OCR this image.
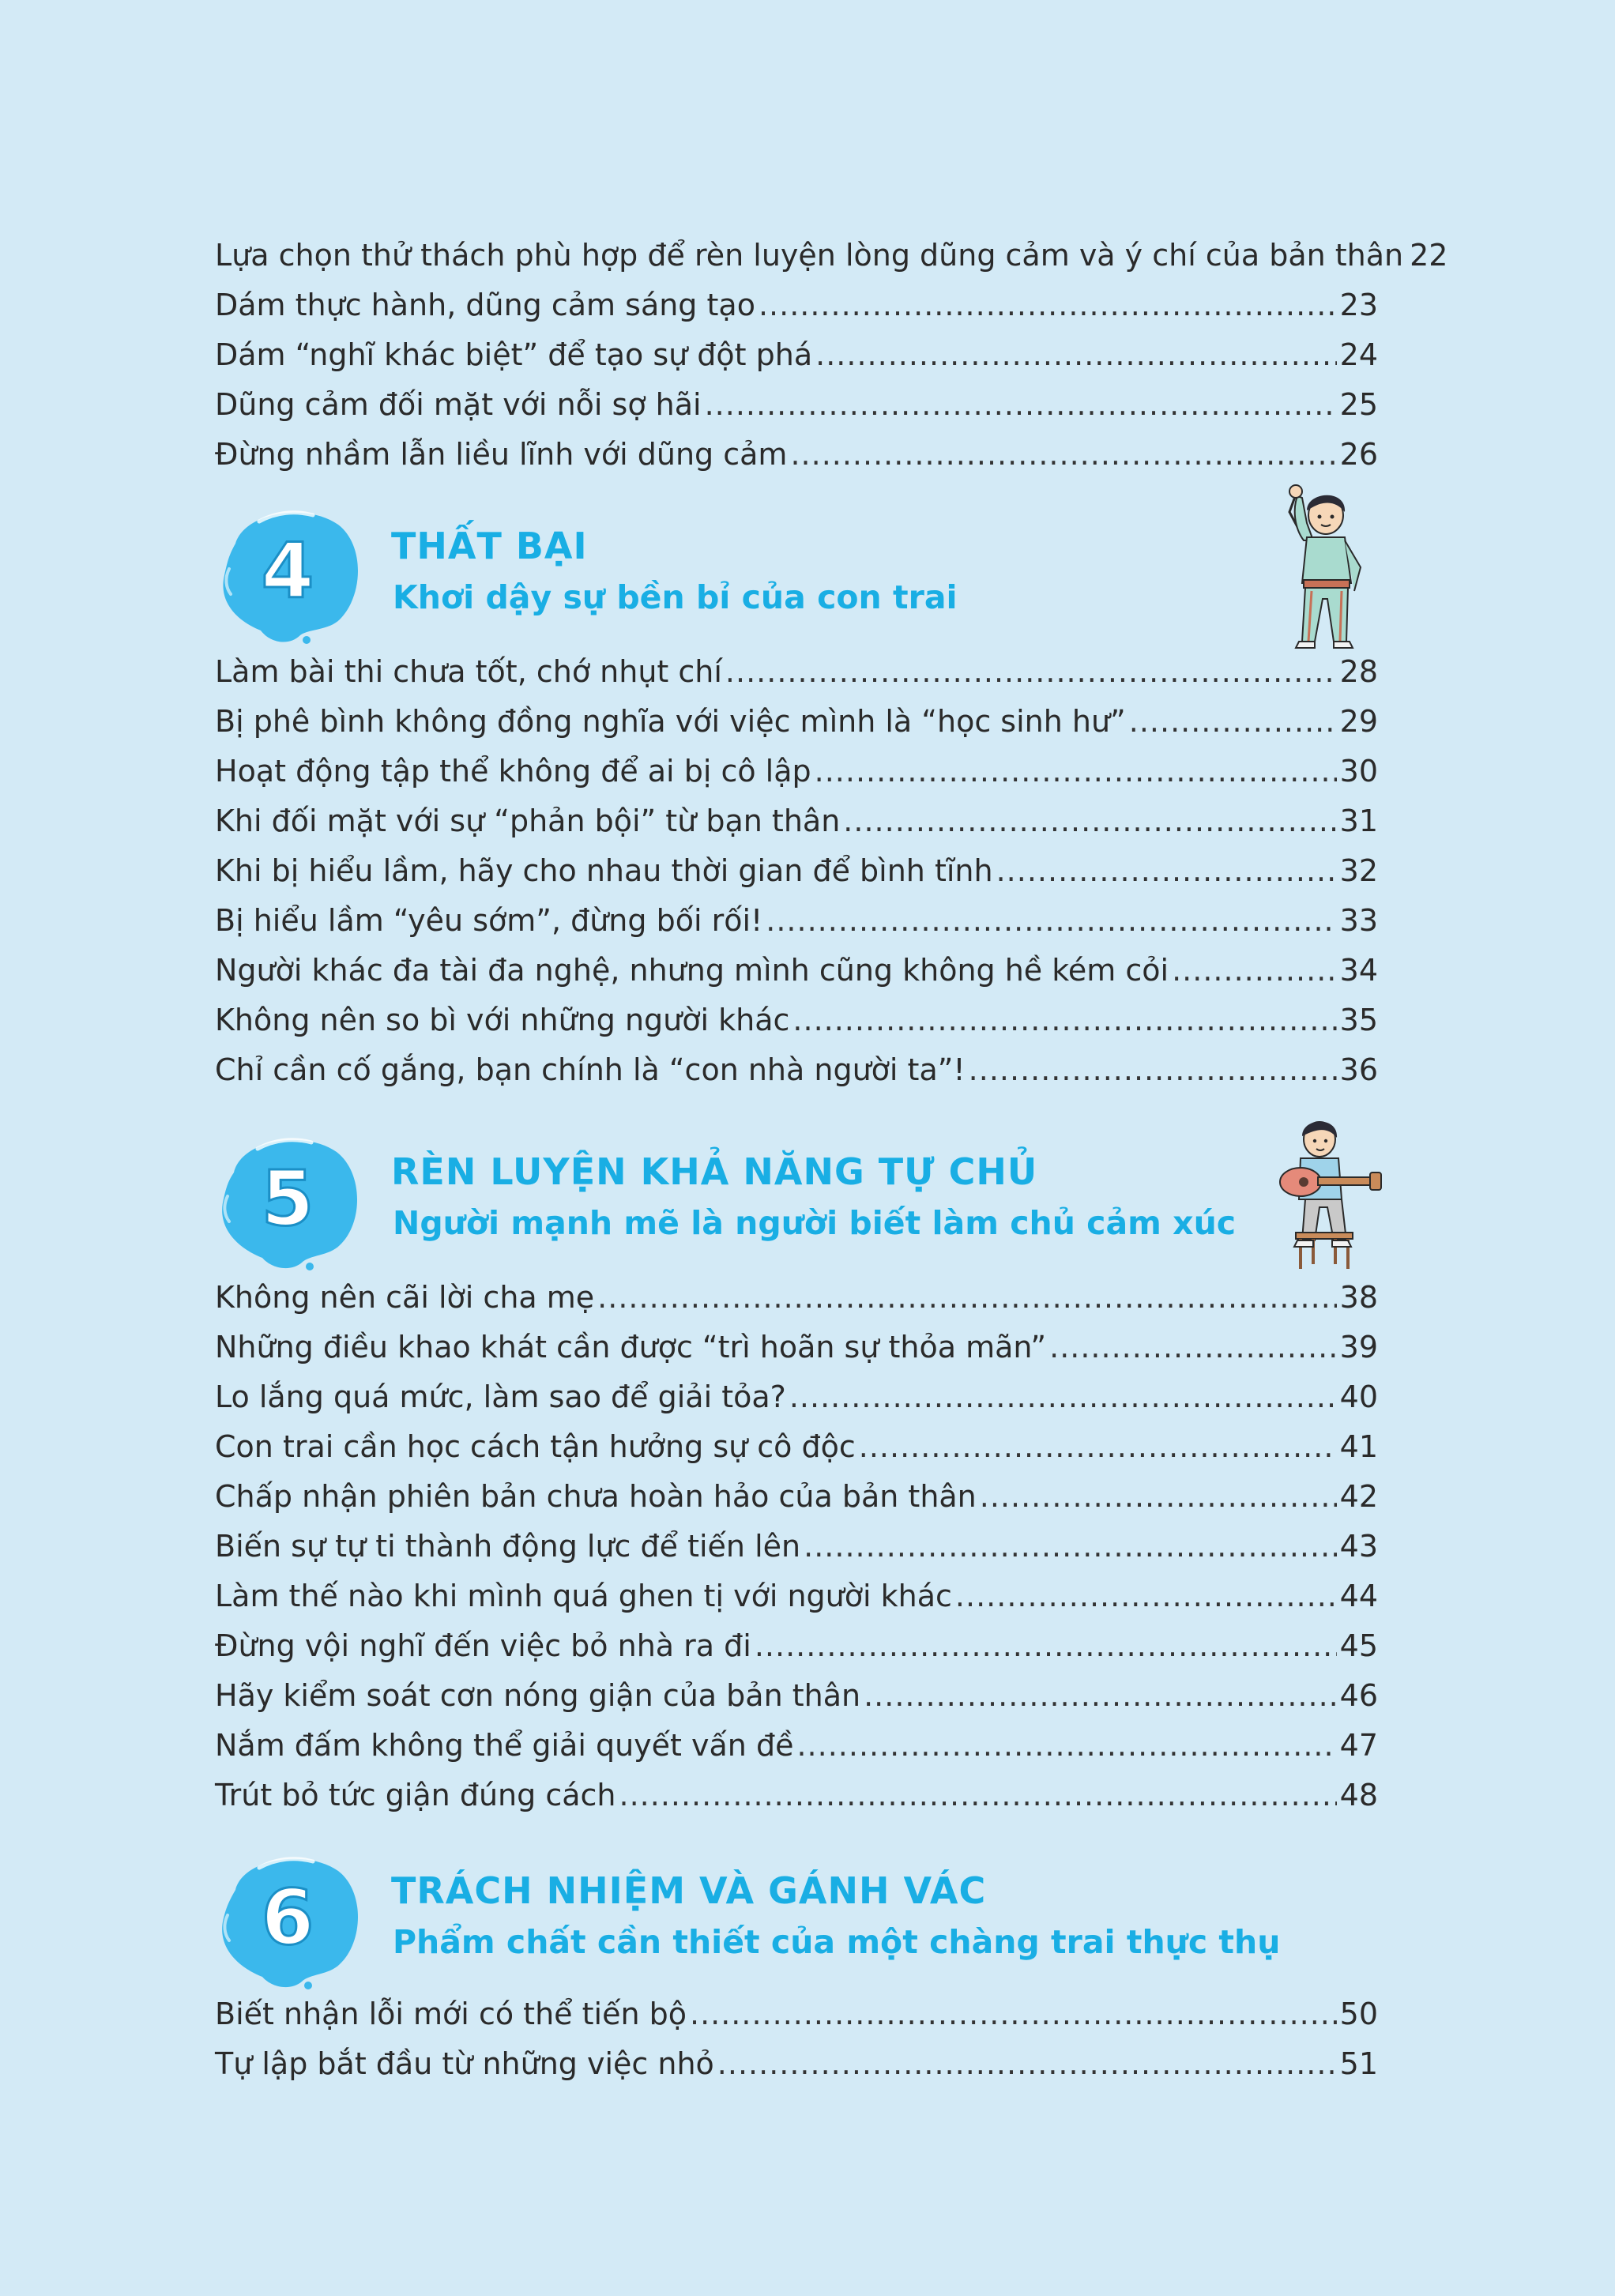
Lựa chọn thử thách phù hợp để rèn luyện lòng dũng cảm và ý chí của bản thân 22
Dám thực hành, dũng cảm sáng tạo .....	23
Dám “nghĩ khác biệt” để tạo sự đột phá .....	24
Dũng cảm đối mặt với nỗi sợ hãi .....	25
Đừng nhầm lẫn liều lĩnh với dũng cảm .....	26
4 THẤT BẠI
Khơi dậy sự bền bỉ của con trai
Làm bài thi chưa tốt, chớ nhụt chí .....	28
Bị phê bình không đồng nghĩa với việc mình là “học sinh hư” .....	29
Hoạt động tập thể không để ai bị cô lập .....	30
Khi đối mặt với sự “phản bội” từ bạn thân .....	31
Khi bị hiểu lầm, hãy cho nhau thời gian để bình tĩnh .....	32
Bị hiểu lầm “yêu sớm”, đừng bối rối! .....	33
Người khác đa tài đa nghệ, nhưng mình cũng không hề kém cỏi .....	34
Không nên so bì với những người khác .....	35
Chỉ cần cố gắng, bạn chính là “con nhà người ta”! .....	36
5 RÈN LUYỆN KHẢ NĂNG TỰ CHỦ
Người mạnh mẽ là người biết làm chủ cảm xúc
Không nên cãi lời cha mẹ .....	38
Những điều khao khát cần được “trì hoãn sự thỏa mãn” .....	39
Lo lắng quá mức, làm sao để giải tỏa? .....	40
Con trai cần học cách tận hưởng sự cô độc .....	41
Chấp nhận phiên bản chưa hoàn hảo của bản thân .....	42
Biến sự tự ti thành động lực để tiến lên .....	43
Làm thế nào khi mình quá ghen tị với người khác .....	44
Đừng vội nghĩ đến việc bỏ nhà ra đi .....	45
Hãy kiểm soát cơn nóng giận của bản thân .....	46
Nắm đấm không thể giải quyết vấn đề .....	47
Trút bỏ tức giận đúng cách .....	48
6 TRÁCH NHIỆM VÀ GÁNH VÁC
Phẩm chất cần thiết của một chàng trai thực thụ
Biết nhận lỗi mới có thể tiến bộ .....	50
Tự lập bắt đầu từ những việc nhỏ .....	51
